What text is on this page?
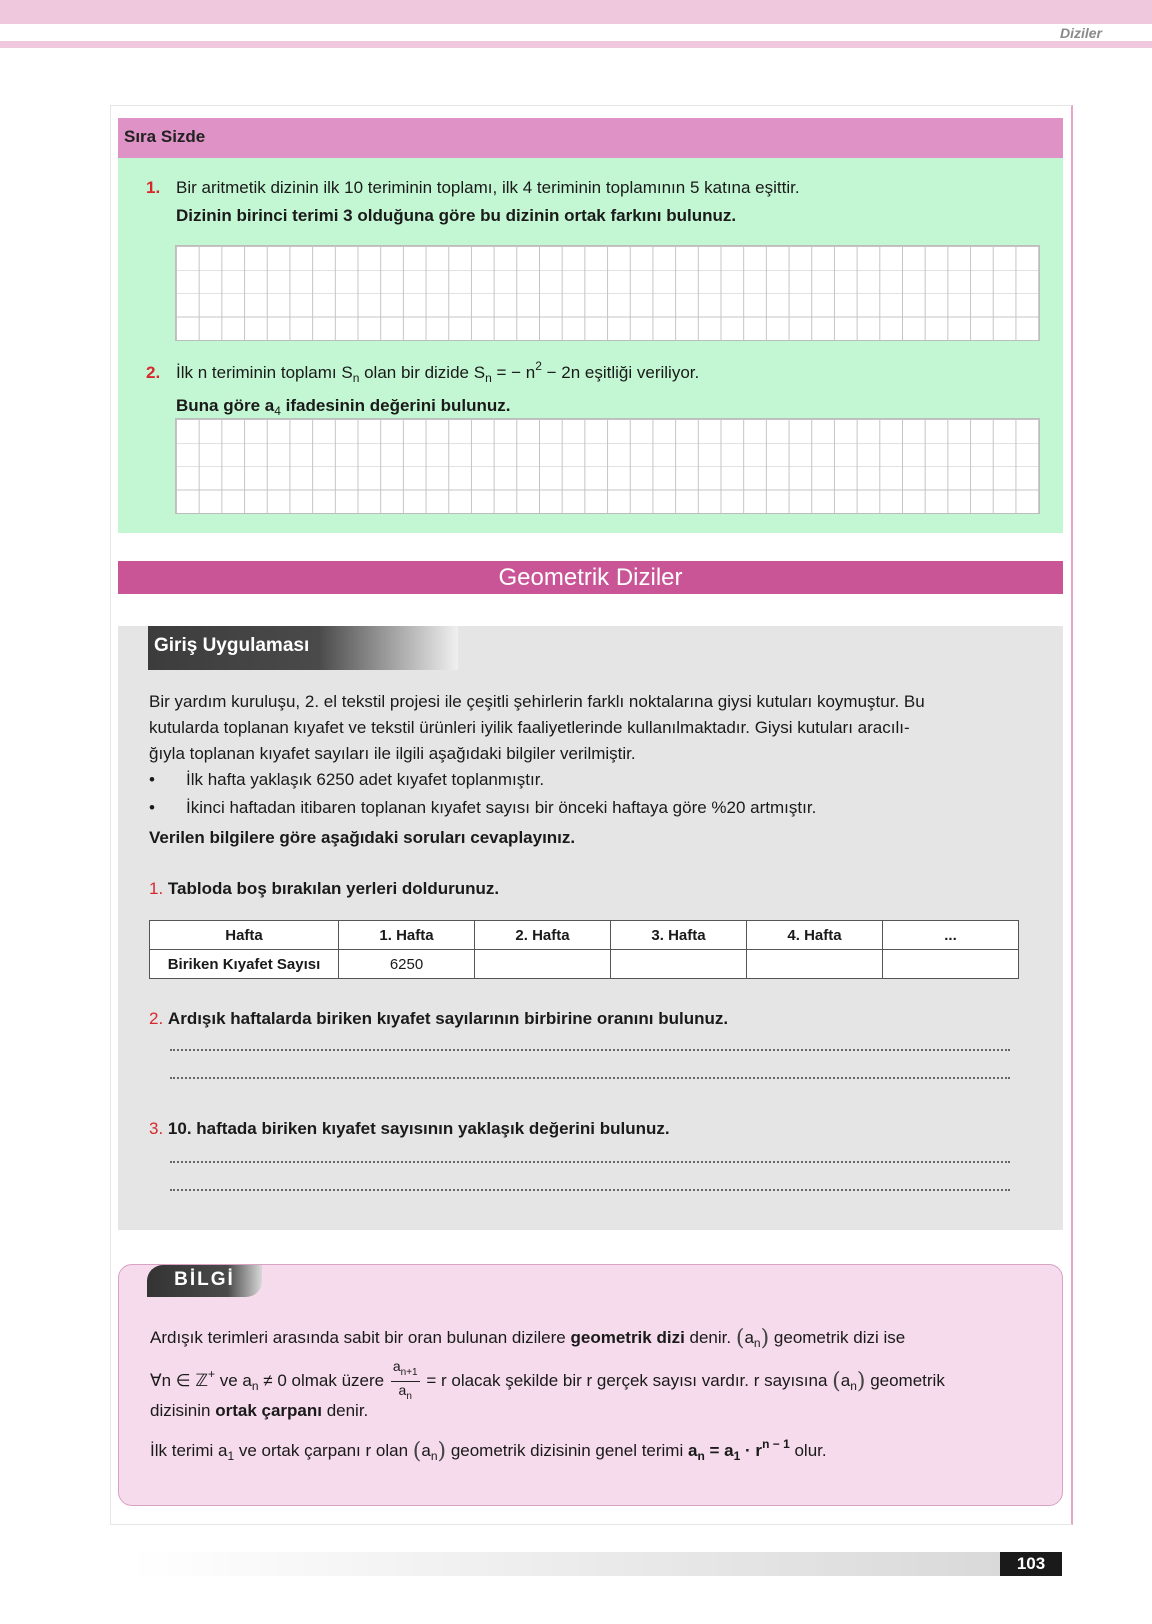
Diziler
Sıra Sizde
1. Bir aritmetik dizinin ilk 10 teriminin toplamı, ilk 4 teriminin toplamının 5 katına eşittir.
Dizinin birinci terimi 3 olduğuna göre bu dizinin ortak farkını bulunuz.
2. İlk n teriminin toplamı $S_n$ olan bir dizide $S_n$ = − $n^2 - 2n$ eşitliği veriliyor.
Buna göre $a_4$ ifadesinin değerini bulunuz.
Geometrik Diziler
Giriş Uygulaması
Bir yardım kuruluşu, 2. el tekstil projesi ile çeşitli şehirlerin farklı noktalarına giysi kutuları koymuştur. Bu
kutularda toplanan kıyafet ve tekstil ürünleri iyilik faaliyetlerinde kullanılmaktadır. Giysi kutuları aracılı-
ğıyla toplanan kıyafet sayıları ile ilgili aşağıdaki bilgiler verilmiştir.
• İlk hafta yaklaşık 6250 adet kıyafet toplanmıştır.
• İkinci haftadan itibaren toplanan kıyafet sayısı bir önceki haftaya göre %20 artmıştır.
Verilen bilgilere göre aşağıdaki soruları cevaplayınız.
1. Tabloda boş bırakılan yerleri doldurunuz.
Hafta	1. Hafta	2. Hafta	3. Hafta	4. Hafta	...
Biriken Kıyafet Sayısı	6250				
2. Ardışık haftalarda biriken kıyafet sayılarının birbirine oranını bulunuz.
3. 10. haftada biriken kıyafet sayısının yaklaşık değerini bulunuz.
BİLGİ
Ardışık terimleri arasında sabit bir oran bulunan dizilere geometrik dizi denir. $(a_n)$ geometrik dizi ise
∀n ∈ ℤ+ ve $a_n \ne 0$ olmak üzere $\frac{a_{n+1}}{a_n} = r$ olacak şekilde bir r gerçek sayısı vardır. r sayısına $(a_n)$ geometrik
dizisinin ortak çarpanı denir.
İlk terimi $a_1$ ve ortak çarpanı r olan $(a_n)$ geometrik dizisinin genel terimi $a_n = a_1 \cdot r^{n - 1}$ olur.
103
